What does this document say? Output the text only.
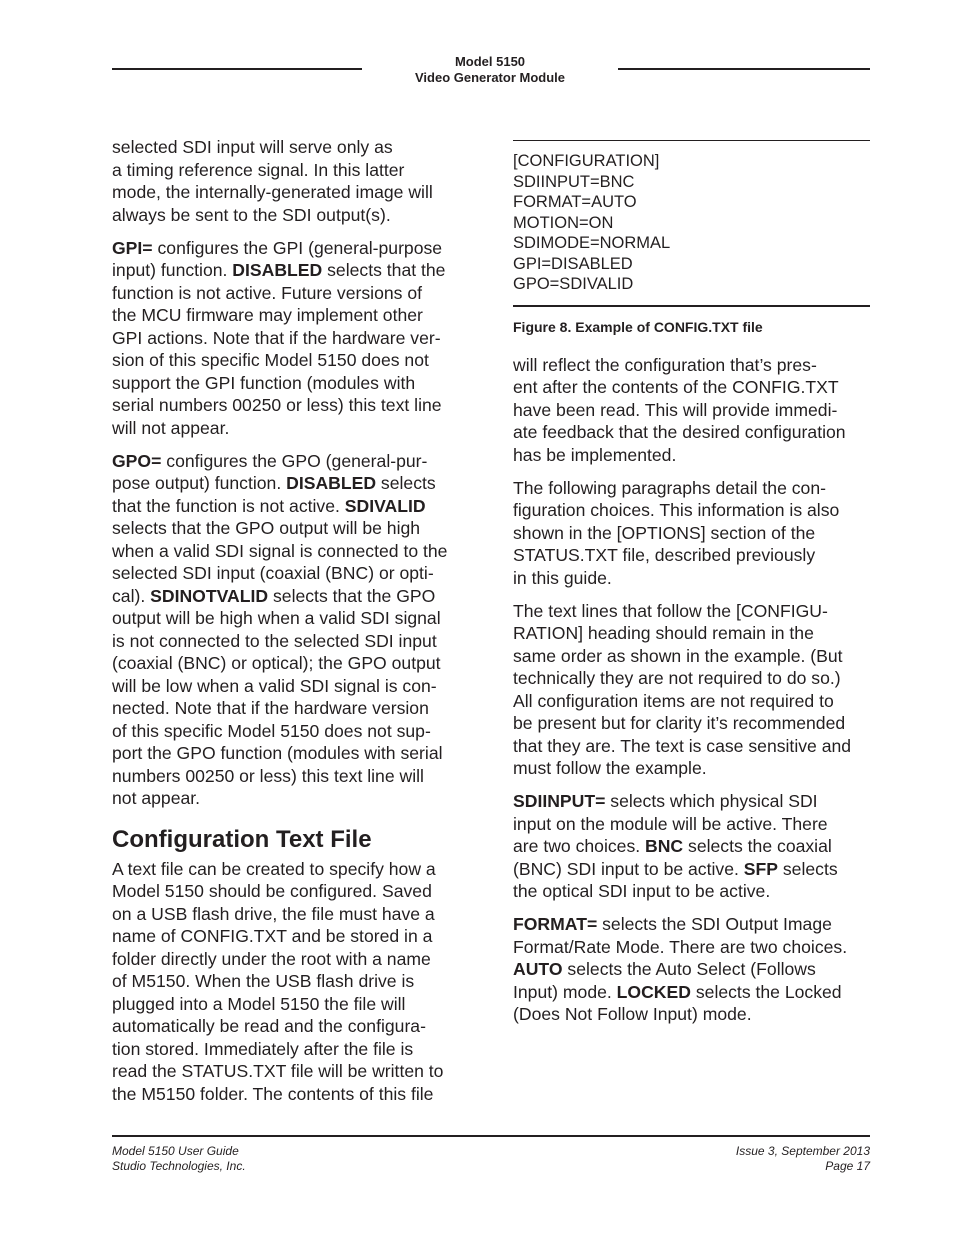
Model 5150
Video Generator Module

selected SDI input will serve only as
a timing reference signal. In this latter
mode, the internally-generated image will
always be sent to the SDI output(s).

GPI= configures the GPI (general-purpose
input) function. DISABLED selects that the
function is not active. Future versions of
the MCU firmware may implement other
GPI actions. Note that if the hardware ver-
sion of this specific Model 5150 does not
support the GPI function (modules with
serial numbers 00250 or less) this text line
will not appear.

GPO= configures the GPO (general-pur-
pose output) function. DISABLED selects
that the function is not active. SDIVALID
selects that the GPO output will be high
when a valid SDI signal is connected to the
selected SDI input (coaxial (BNC) or opti-
cal). SDINOTVALID selects that the GPO
output will be high when a valid SDI signal
is not connected to the selected SDI input
(coaxial (BNC) or optical); the GPO output
will be low when a valid SDI signal is con-
nected. Note that if the hardware version
of this specific Model 5150 does not sup-
port the GPO function (modules with serial
numbers 00250 or less) this text line will
not appear.

Configuration Text File

A text file can be created to specify how a
Model 5150 should be configured. Saved
on a USB flash drive, the file must have a
name of CONFIG.TXT and be stored in a
folder directly under the root with a name
of M5150. When the USB flash drive is
plugged into a Model 5150 the file will
automatically be read and the configura-
tion stored. Immediately after the file is
read the STATUS.TXT file will be written to
the M5150 folder. The contents of this file

[CONFIGURATION]
SDIINPUT=BNC
FORMAT=AUTO
MOTION=ON
SDIMODE=NORMAL
GPI=DISABLED
GPO=SDIVALID
Figure 8. Example of CONFIG.TXT file

will reflect the configuration that’s pres-
ent after the contents of the CONFIG.TXT
have been read. This will provide immedi-
ate feedback that the desired configuration
has be implemented.

The following paragraphs detail the con-
figuration choices. This information is also
shown in the [OPTIONS] section of the
STATUS.TXT file, described previously
in this guide.

The text lines that follow the [CONFIGU-
RATION] heading should remain in the
same order as shown in the example. (But
technically they are not required to do so.)
All configuration items are not required to
be present but for clarity it’s recommended
that they are. The text is case sensitive and
must follow the example.

SDIINPUT= selects which physical SDI
input on the module will be active. There
are two choices. BNC selects the coaxial
(BNC) SDI input to be active. SFP selects
the optical SDI input to be active.

FORMAT= selects the SDI Output Image
Format/Rate Mode. There are two choices.
AUTO selects the Auto Select (Follows
Input) mode. LOCKED selects the Locked
(Does Not Follow Input) mode.

Model 5150 User Guide
Studio Technologies, Inc.
Issue 3, September 2013
Page 17
